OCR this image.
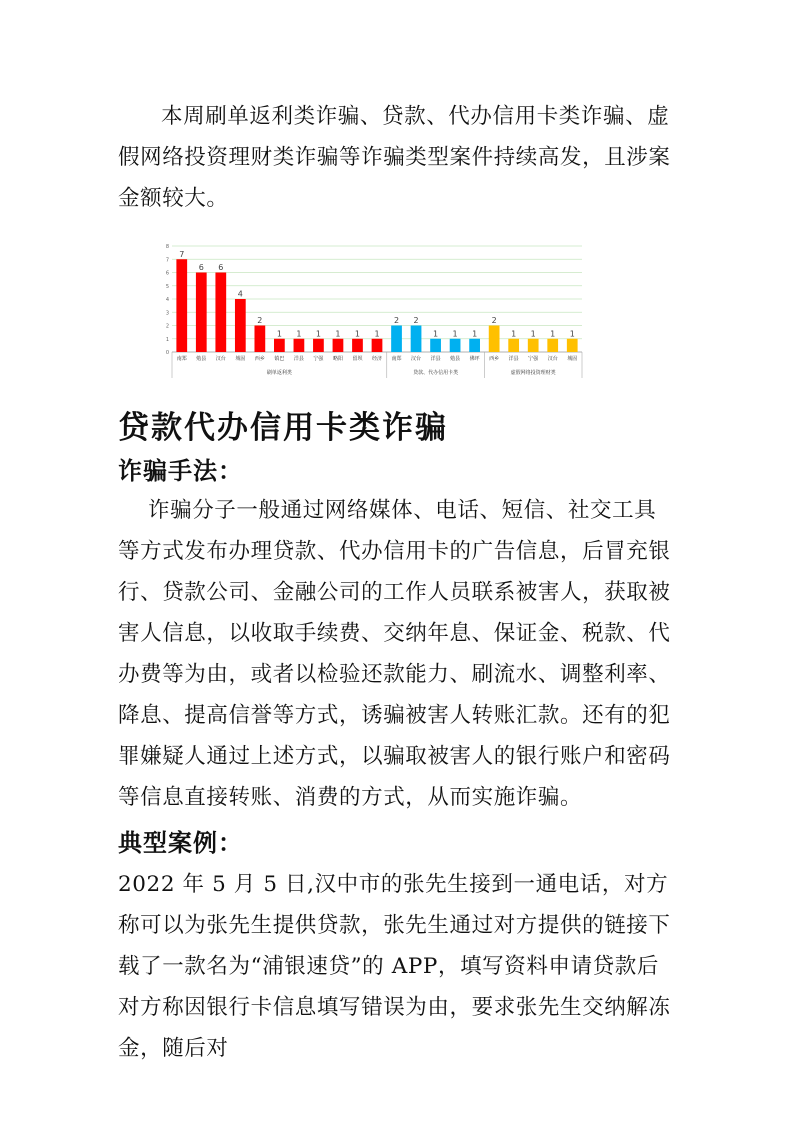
本周刷单返利类诈骗、贷款、代办信用卡类诈骗、虚假网络投资理财类诈骗等诈骗类型案件持续高发，且涉案金额较大。

0
1
2
3
4
5
6
7
8
7
南郑
6
勉县
6
汉台
4
城固
2
西乡
1
镇巴
1
洋县
1
宁强
1
略阳
1
留坝
1
经济
刷单返利类
2
南郑
2
汉台
1
洋县
1
勉县
1
佛坪
贷款、代办信用卡类
2
西乡
1
洋县
1
宁强
1
汉台
1
城固
虚假网络投资理财类
贷款代办信用卡类诈骗
诈骗手法：

诈骗分子一般通过网络媒体、电话、短信、社交工具等方式发布办理贷款、代办信用卡的广告信息，后冒充银行、贷款公司、金融公司的工作人员联系被害人，获取被害人信息，以收取手续费、交纳年息、保证金、税款、代办费等为由，或者以检验还款能力、刷流水、调整利率、降息、提高信誉等方式，诱骗被害人转账汇款。还有的犯罪嫌疑人通过上述方式，以骗取被害人的银行账户和密码等信息直接转账、消费的方式，从而实施诈骗。

典型案例：

2022 年 5 月 5 日,汉中市的张先生接到一通电话，对方称可以为张先生提供贷款，张先生通过对方提供的链接下载了一款名为“浦银速贷”的 APP，填写资料申请贷款后对方称因银行卡信息填写错误为由，要求张先生交纳解冻金，随后对
